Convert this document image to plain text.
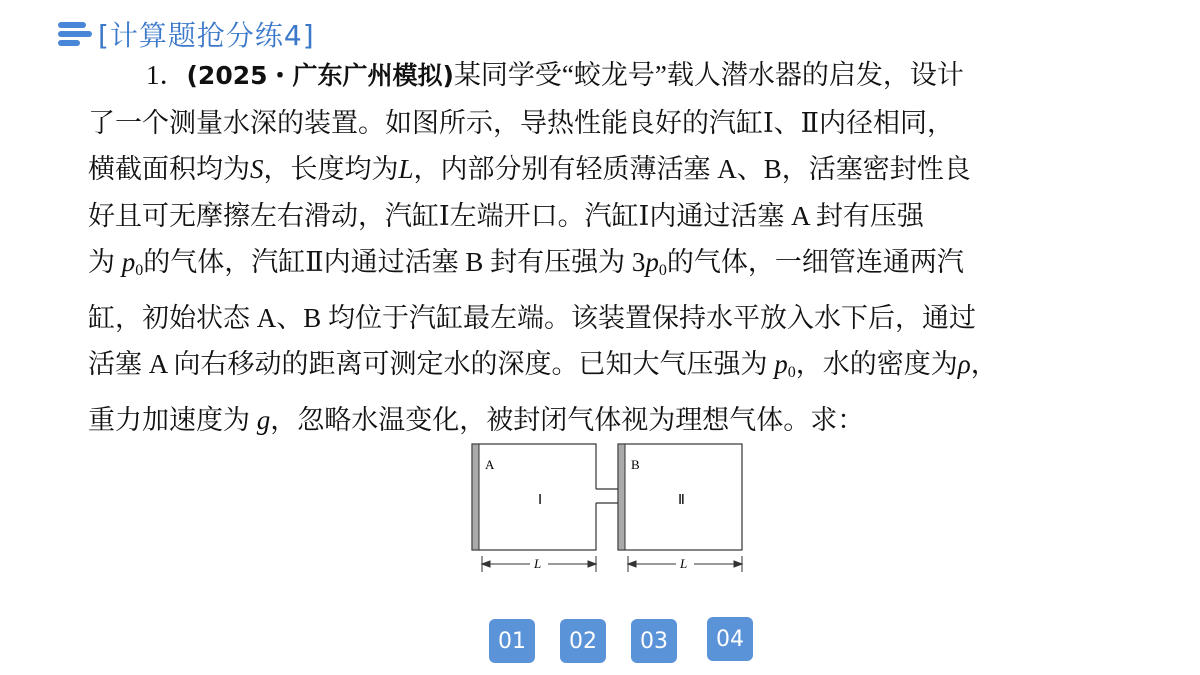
[计算题抢分练4]
1．(2025・广东广州模拟)某同学受“蛟龙号”载人潜水器的启发，设计
了一个测量水深的装置。如图所示，导热性能良好的汽缸Ⅰ、Ⅱ内径相同，
横截面积均为S，长度均为L，内部分别有轻质薄活塞 A、B，活塞密封性良
好且可无摩擦左右滑动，汽缸Ⅰ左端开口。汽缸Ⅰ内通过活塞 A 封有压强
为 $p_0$的气体，汽缸Ⅱ内通过活塞 B 封有压强为 $3p_0$的气体，一细管连通两汽
缸，初始状态 A、B 均位于汽缸最左端。该装置保持水平放入水下后，通过
活塞 A 向右移动的距离可测定水的深度。已知大气压强为 $p_0$，水的密度为ρ，
重力加速度为 g，忽略水温变化，被封闭气体视为理想气体。求：
A	B
Ⅰ	Ⅱ
L	L
01	02	03	04
